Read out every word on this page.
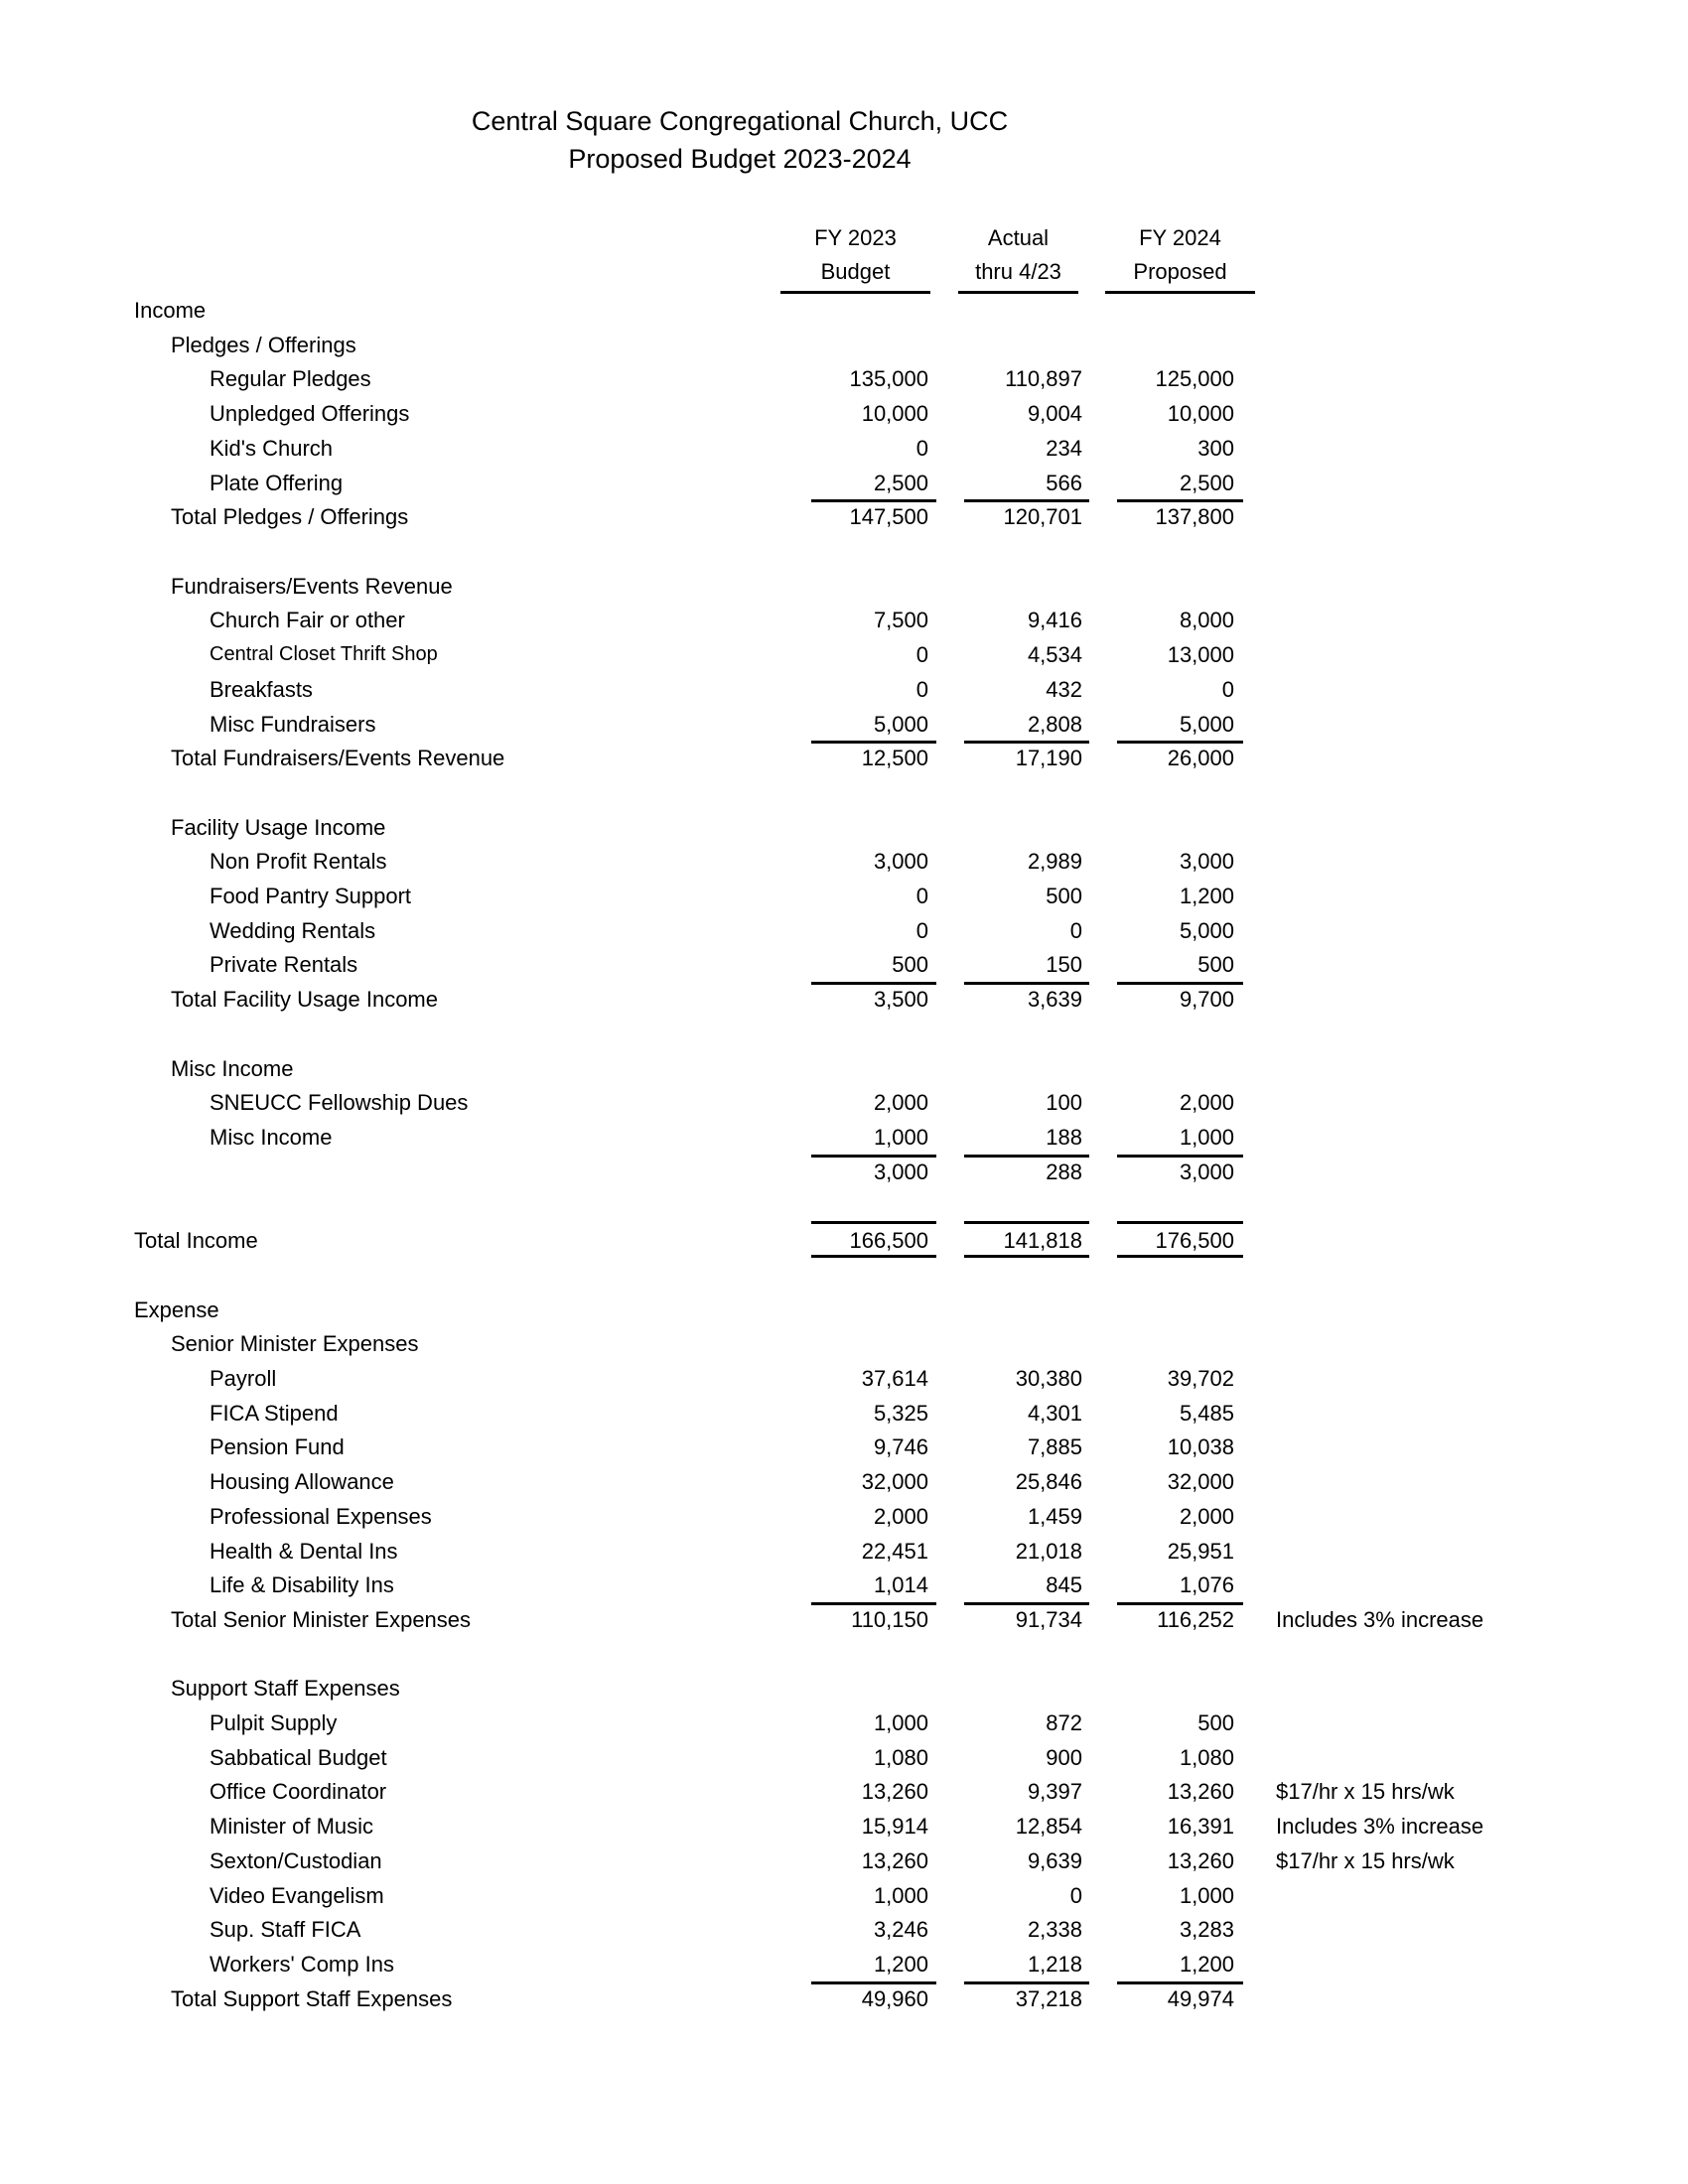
Central Square Congregational Church, UCC
Proposed Budget 2023-2024
FY 2023
Budget
Actual
thru 4/23
FY 2024
Proposed
Income
Pledges / Offerings
Regular Pledges	135,000	110,897	125,000
Unpledged Offerings	10,000	9,004	10,000
Kid's Church	0	234	300
Plate Offering	2,500	566	2,500
Total Pledges / Offerings	147,500	120,701	137,800
Fundraisers/Events Revenue
Church Fair or other	7,500	9,416	8,000
Central Closet Thrift Shop	0	4,534	13,000
Breakfasts	0	432	0
Misc Fundraisers	5,000	2,808	5,000
Total Fundraisers/Events Revenue	12,500	17,190	26,000
Facility Usage Income
Non Profit Rentals	3,000	2,989	3,000
Food Pantry Support	0	500	1,200
Wedding Rentals	0	0	5,000
Private Rentals	500	150	500
Total Facility Usage Income	3,500	3,639	9,700
Misc Income
SNEUCC Fellowship Dues	2,000	100	2,000
Misc Income	1,000	188	1,000
3,000	288	3,000
Total Income	166,500	141,818	176,500
Expense
Senior Minister Expenses
Payroll	37,614	30,380	39,702
FICA Stipend	5,325	4,301	5,485
Pension Fund	9,746	7,885	10,038
Housing Allowance	32,000	25,846	32,000
Professional Expenses	2,000	1,459	2,000
Health & Dental Ins	22,451	21,018	25,951
Life & Disability Ins	1,014	845	1,076
Total Senior Minister Expenses	110,150	91,734	116,252 Includes 3% increase
Support Staff Expenses
Pulpit Supply	1,000	872	500
Sabbatical Budget	1,080	900	1,080
Office Coordinator	13,260	9,397	13,260 $17/hr x 15 hrs/wk
Minister of Music	15,914	12,854	16,391 Includes 3% increase
Sexton/Custodian	13,260	9,639	13,260 $17/hr x 15 hrs/wk
Video Evangelism	1,000	0	1,000
Sup. Staff FICA	3,246	2,338	3,283
Workers' Comp Ins	1,200	1,218	1,200
Total Support Staff Expenses	49,960	37,218	49,974
